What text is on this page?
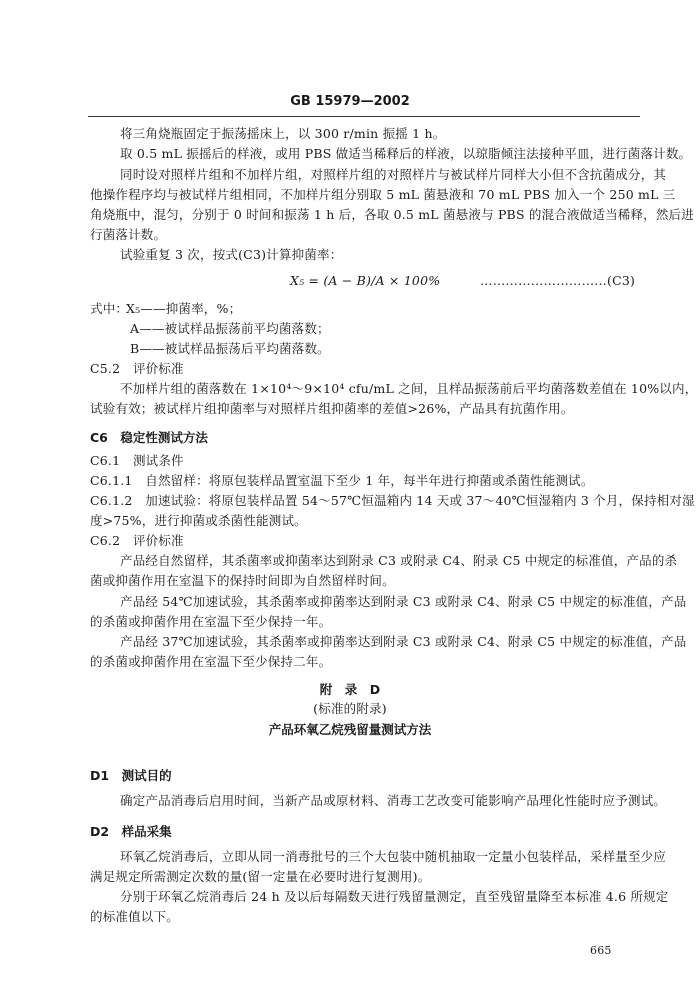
GB 15979—2002
将三角烧瓶固定于振荡摇床上，以 300 r/min 振摇 1 h。
取 0.5 mL 振摇后的样液，或用 PBS 做适当稀释后的样液，以琼脂倾注法接种平皿，进行菌落计数。
同时设对照样片组和不加样片组，对照样片组的对照样片与被试样片同样大小但不含抗菌成分，其
他操作程序均与被试样片组相同，不加样片组分别取 5 mL 菌悬液和 70 mL PBS 加入一个 250 mL 三
角烧瓶中，混匀，分别于 0 时间和振荡 1 h 后，各取 0.5 mL 菌悬液与 PBS 的混合液做适当稀释，然后进
行菌落计数。
试验重复 3 次，按式(C3)计算抑菌率：
X₅ = (A − B)/A × 100%	…………………………(C3)
式中：
X₅——抑菌率，%；
A——被试样品振荡前平均菌落数；
B——被试样品振荡后平均菌落数。
C5.2　评价标准
不加样片组的菌落数在 1×10⁴～9×10⁴ cfu/mL 之间，且样品振荡前后平均菌落数差值在 10%以内，
试验有效；被试样片组抑菌率与对照样片组抑菌率的差值>26%，产品具有抗菌作用。
C6　稳定性测试方法
C6.1　测试条件
C6.1.1　自然留样：将原包装样品置室温下至少 1 年，每半年进行抑菌或杀菌性能测试。
C6.1.2　加速试验：将原包装样品置 54～57℃恒温箱内 14 天或 37～40℃恒湿箱内 3 个月，保持相对湿
度>75%，进行抑菌或杀菌性能测试。
C6.2　评价标准
产品经自然留样，其杀菌率或抑菌率达到附录 C3 或附录 C4、附录 C5 中规定的标准值，产品的杀
菌或抑菌作用在室温下的保持时间即为自然留样时间。
产品经 54℃加速试验，其杀菌率或抑菌率达到附录 C3 或附录 C4、附录 C5 中规定的标准值，产品
的杀菌或抑菌作用在室温下至少保持一年。
产品经 37℃加速试验，其杀菌率或抑菌率达到附录 C3 或附录 C4、附录 C5 中规定的标准值，产品
的杀菌或抑菌作用在室温下至少保持二年。
附　录　D
(标准的附录)
产品环氧乙烷残留量测试方法
D1　测试目的
确定产品消毒后启用时间，当新产品或原材料、消毒工艺改变可能影响产品理化性能时应予测试。
D2　样品采集
环氧乙烷消毒后，立即从同一消毒批号的三个大包装中随机抽取一定量小包装样品，采样量至少应
满足规定所需测定次数的量(留一定量在必要时进行复测用)。
分别于环氧乙烷消毒后 24 h 及以后每隔数天进行残留量测定，直至残留量降至本标准 4.6 所规定
的标准值以下。
665
